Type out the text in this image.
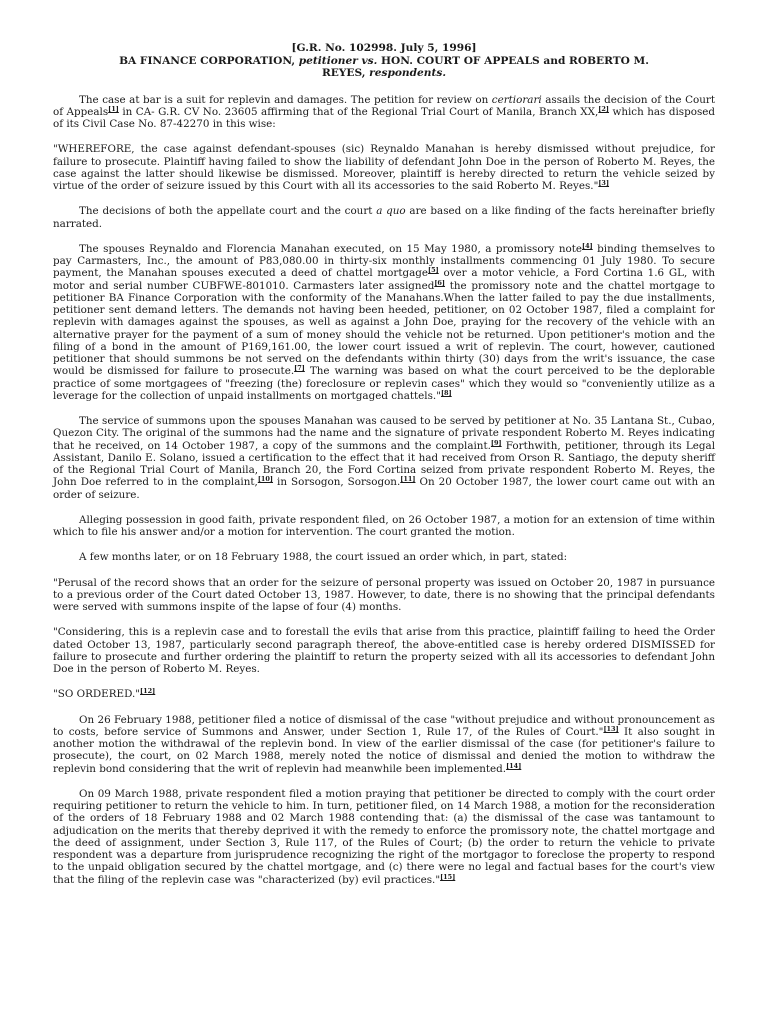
[G.R. No. 102998. July 5, 1996]
BA FINANCE CORPORATION, petitioner vs. HON. COURT OF APPEALS and ROBERTO M.
REYES, respondents.

The case at bar is a suit for replevin and damages. The petition for review on certiorari assails the decision of the Court of Appeals[1] in CA- G.R. CV No. 23605 affirming that of the Regional Trial Court of Manila, Branch XX,[2] which has disposed of its Civil Case No. 87-42270 in this wise:

"WHEREFORE, the case against defendant-spouses (sic) Reynaldo Manahan is hereby dismissed without prejudice, for failure to prosecute. Plaintiff having failed to show the liability of defendant John Doe in the person of Roberto M. Reyes, the case against the latter should likewise be dismissed. Moreover, plaintiff is hereby directed to return the vehicle seized by virtue of the order of seizure issued by this Court with all its accessories to the said Roberto M. Reyes."[3]

The decisions of both the appellate court and the court a quo are based on a like finding of the facts hereinafter briefly narrated.

The spouses Reynaldo and Florencia Manahan executed, on 15 May 1980, a promissory note[4] binding themselves to pay Carmasters, Inc., the amount of P83,080.00 in thirty-six monthly installments commencing 01 July 1980. To secure payment, the Manahan spouses executed a deed of chattel mortgage[5] over a motor vehicle, a Ford Cortina 1.6 GL, with motor and serial number CUBFWE-801010. Carmasters later assigned[6] the promissory note and the chattel mortgage to petitioner BA Finance Corporation with the conformity of the Manahans.When the latter failed to pay the due installments, petitioner sent demand letters. The demands not having been heeded, petitioner, on 02 October 1987, filed a complaint for replevin with damages against the spouses, as well as against a John Doe, praying for the recovery of the vehicle with an alternative prayer for the payment of a sum of money should the vehicle not be returned. Upon petitioner's motion and the filing of a bond in the amount of P169,161.00, the lower court issued a writ of replevin. The court, however, cautioned petitioner that should summons be not served on the defendants within thirty (30) days from the writ's issuance, the case would be dismissed for failure to prosecute.[7] The warning was based on what the court perceived to be the deplorable practice of some mortgagees of "freezing (the) foreclosure or replevin cases" which they would so "conveniently utilize as a leverage for the collection of unpaid installments on mortgaged chattels."[8]

The service of summons upon the spouses Manahan was caused to be served by petitioner at No. 35 Lantana St., Cubao, Quezon City. The original of the summons had the name and the signature of private respondent Roberto M. Reyes indicating that he received, on 14 October 1987, a copy of the summons and the complaint.[9] Forthwith, petitioner, through its Legal Assistant, Danilo E. Solano, issued a certification to the effect that it had received from Orson R. Santiago, the deputy sheriff of the Regional Trial Court of Manila, Branch 20, the Ford Cortina seized from private respondent Roberto M. Reyes, the John Doe referred to in the complaint,[10] in Sorsogon, Sorsogon.[11] On 20 October 1987, the lower court came out with an order of seizure.

Alleging possession in good faith, private respondent filed, on 26 October 1987, a motion for an extension of time within which to file his answer and/or a motion for intervention. The court granted the motion.

A few months later, or on 18 February 1988, the court issued an order which, in part, stated:

"Perusal of the record shows that an order for the seizure of personal property was issued on October 20, 1987 in pursuance to a previous order of the Court dated October 13, 1987. However, to date, there is no showing that the principal defendants were served with summons inspite of the lapse of four (4) months.

"Considering, this is a replevin case and to forestall the evils that arise from this practice, plaintiff failing to heed the Order dated October 13, 1987, particularly second paragraph thereof, the above-entitled case is hereby ordered DISMISSED for failure to prosecute and further ordering the plaintiff to return the property seized with all its accessories to defendant John Doe in the person of Roberto M. Reyes.

"SO ORDERED."[12]

On 26 February 1988, petitioner filed a notice of dismissal of the case "without prejudice and without pronouncement as to costs, before service of Summons and Answer, under Section 1, Rule 17, of the Rules of Court."[13] It also sought in another motion the withdrawal of the replevin bond. In view of the earlier dismissal of the case (for petitioner's failure to prosecute), the court, on 02 March 1988, merely noted the notice of dismissal and denied the motion to withdraw the replevin bond considering that the writ of replevin had meanwhile been implemented.[14]

On 09 March 1988, private respondent filed a motion praying that petitioner be directed to comply with the court order requiring petitioner to return the vehicle to him. In turn, petitioner filed, on 14 March 1988, a motion for the reconsideration of the orders of 18 February 1988 and 02 March 1988 contending that: (a) the dismissal of the case was tantamount to adjudication on the merits that thereby deprived it with the remedy to enforce the promissory note, the chattel mortgage and the deed of assignment, under Section 3, Rule 117, of the Rules of Court; (b) the order to return the vehicle to private respondent was a departure from jurisprudence recognizing the right of the mortgagor to foreclose the property to respond to the unpaid obligation secured by the chattel mortgage, and (c) there were no legal and factual bases for the court's view that the filing of the replevin case was "characterized (by) evil practices."[15]
